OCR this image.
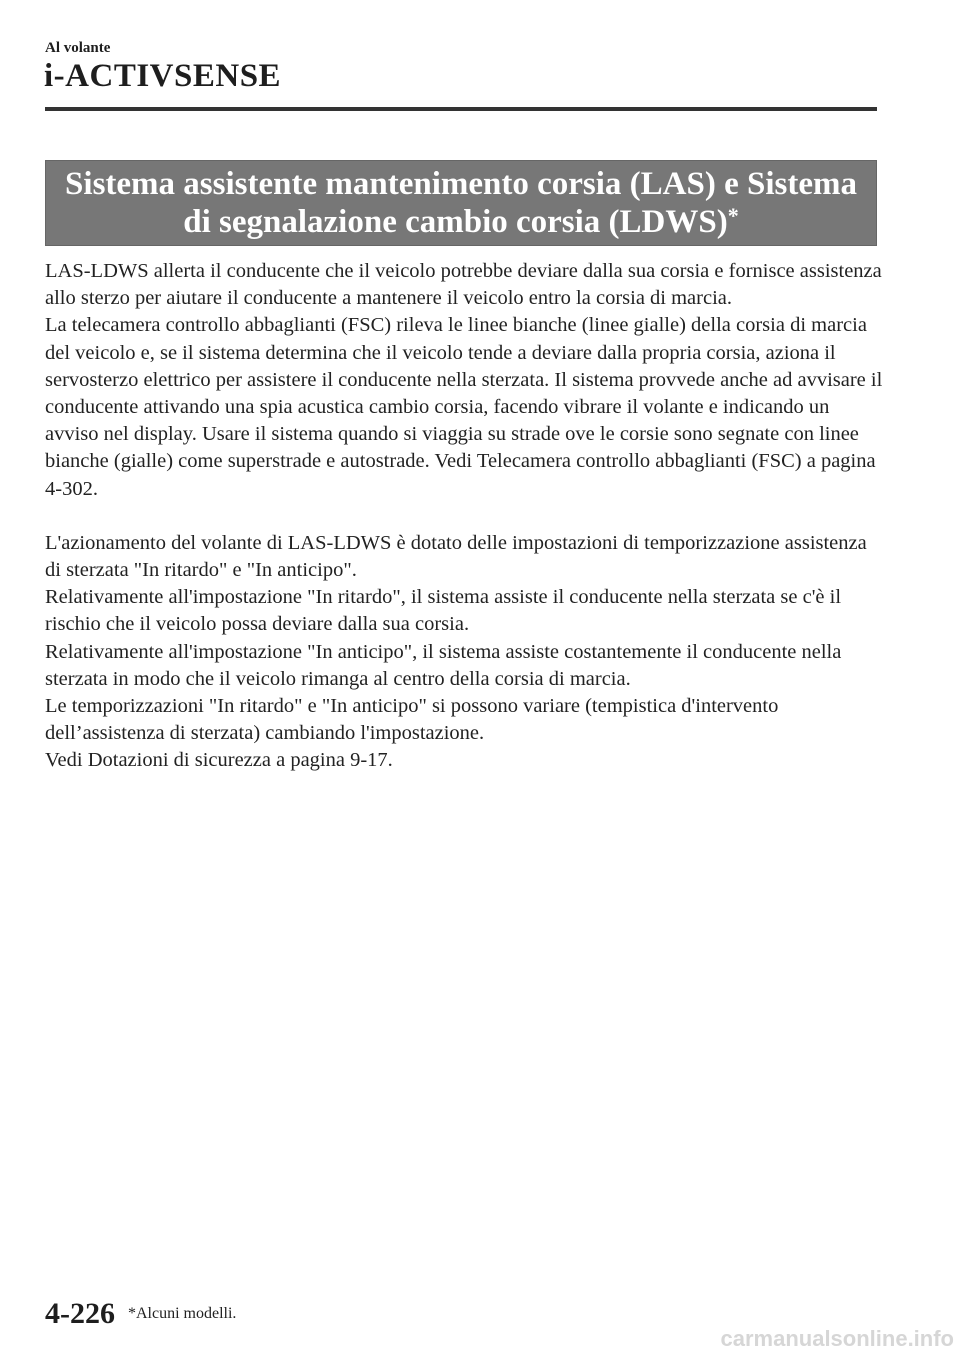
Al volante
i-ACTIVSENSE
Sistema assistente mantenimento corsia (LAS) e Sistema
di segnalazione cambio corsia (LDWS)*

LAS-LDWS allerta il conducente che il veicolo potrebbe deviare dalla sua corsia e fornisce assistenza allo sterzo per aiutare il conducente a mantenere il veicolo entro la corsia di marcia.

La telecamera controllo abbaglianti (FSC) rileva le linee bianche (linee gialle) della corsia di marcia del veicolo e, se il sistema determina che il veicolo tende a deviare dalla propria corsia, aziona il servosterzo elettrico per assistere il conducente nella sterzata. Il sistema provvede anche ad avvisare il conducente attivando una spia acustica cambio corsia, facendo vibrare il volante e indicando un avviso nel display. Usare il sistema quando si viaggia su strade ove le corsie sono segnate con linee bianche (gialle) come superstrade e autostrade. Vedi Telecamera controllo abbaglianti (FSC) a pagina 4-302.

L'azionamento del volante di LAS-LDWS è dotato delle impostazioni di temporizzazione assistenza di sterzata "In ritardo" e "In anticipo".

Relativamente all'impostazione "In ritardo", il sistema assiste il conducente nella sterzata se c'è il rischio che il veicolo possa deviare dalla sua corsia.

Relativamente all'impostazione "In anticipo", il sistema assiste costantemente il conducente nella sterzata in modo che il veicolo rimanga al centro della corsia di marcia.

Le temporizzazioni "In ritardo" e "In anticipo" si possono variare (tempistica d'intervento dell’assistenza di sterzata) cambiando l'impostazione.

Vedi Dotazioni di sicurezza a pagina 9-17.

4-226 *Alcuni modelli.
carmanualsonline.info
